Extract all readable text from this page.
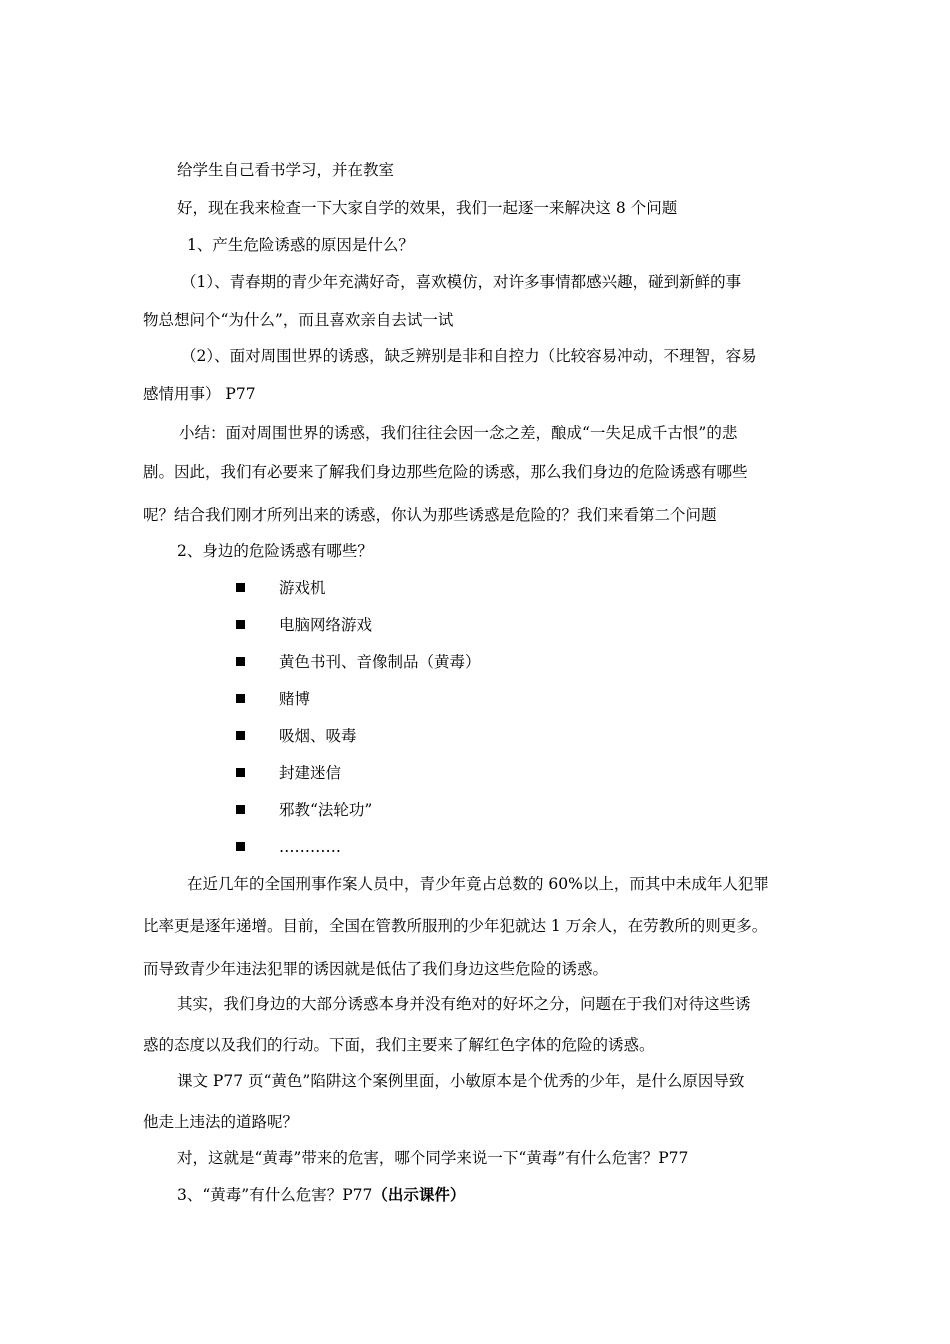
给学生自己看书学习，并在教室
好，现在我来检查一下大家自学的效果，我们一起逐一来解决这 8 个问题
1、产生危险诱惑的原因是什么？
（1）、青春期的青少年充满好奇，喜欢模仿，对许多事情都感兴趣，碰到新鲜的事
物总想问个“为什么”，而且喜欢亲自去试一试
（2）、面对周围世界的诱惑，缺乏辨别是非和自控力（比较容易冲动，不理智，容易
感情用事） P77
小结：面对周围世界的诱惑，我们往往会因一念之差，酿成“一失足成千古恨”的悲
剧。因此，我们有必要来了解我们身边那些危险的诱惑，那么我们身边的危险诱惑有哪些
呢？结合我们刚才所列出来的诱惑，你认为那些诱惑是危险的？我们来看第二个问题
2、身边的危险诱惑有哪些？
游戏机
电脑网络游戏
黄色书刊、音像制品（黄毒）
赌博
吸烟、吸毒
封建迷信
邪教“法轮功”
…………
在近几年的全国刑事作案人员中，青少年竟占总数的 60%以上，而其中未成年人犯罪
比率更是逐年递增。目前，全国在管教所服刑的少年犯就达 1 万余人，在劳教所的则更多。
而导致青少年违法犯罪的诱因就是低估了我们身边这些危险的诱惑。
其实，我们身边的大部分诱惑本身并没有绝对的好坏之分，问题在于我们对待这些诱
惑的态度以及我们的行动。下面，我们主要来了解红色字体的危险的诱惑。
课文 P77 页“黄色”陷阱这个案例里面，小敏原本是个优秀的少年，是什么原因导致
他走上违法的道路呢？
对，这就是“黄毒”带来的危害，哪个同学来说一下“黄毒”有什么危害？P77
3、“黄毒”有什么危害？P77（出示课件）
